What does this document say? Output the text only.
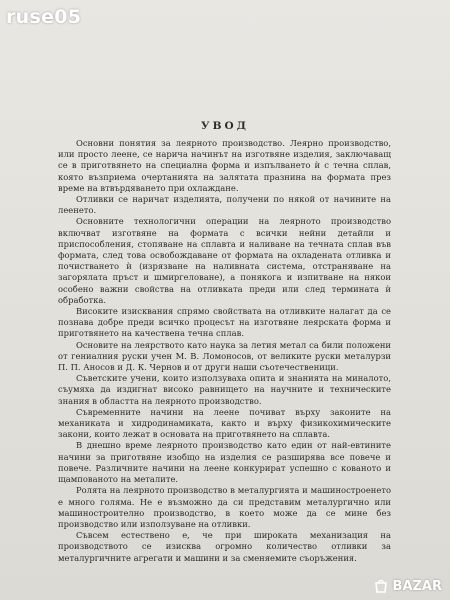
УВОД

Основни понятия за леярното производство. Леярно производство, или просто леене, се нарича начинът на изготвяне изделия, заключаващ се в приготвянето на специална форма и изпълването ѝ с течна сплав, която възприема очертанията на залятата празнина на формата през време на втвърдяването при охлаждане.

Отливки се наричат изделията, получени по някой от начините на леенето.

Основните технологични операции на леярното производство включват изготвяне на формата с всички нейни детайли и приспособления, стопяване на сплавта и наливане на течната сплав във формата, след това освобождаване от формата на охладената отливка и почистването ѝ (изрязване на наливната система, отстраняване на загорялата пръст и шмиргеловане), а понякога и изпитване на някои особено важни свойства на отливката преди или след термината ѝ обработка.

Високите изисквания спрямо свойствата на отливките налагат да се познава добре преди всичко процесът на изготвяне леярската форма и приготвянето на качествена течна сплав.

Основите на леярството като наука за летия метал са били положени от гениалния руски учен М. В. Ломоносов, от великите руски металурзи П. П. Аносов и Д. К. Чернов и от други наши съотечественици.

Съветските учени, които използуваха опита и знанията на миналото, съумяха да издигнат високо равнището на научните и техническите знания в областта на леярното производство.

Съвременните начини на леене почиват върху законите на механиката и хидродинамиката, както и върху физикохимическите закони, които лежат в основата на приготвянето на сплавта.

В днешно време леярното производство като един от най-евтините начини за приготвяне изобщо на изделия се разширява все повече и повече. Различните начини на леене конкурират успешно с кованото и щампованото на металите.

Ролята на леярното производство в металургията и машиностроенето е много голяма. Не е възможно да си представим металургично или машиностроително производство, в което може да се мине без производство или използуване на отливки.

Съвсем естествено е, че при широката механизация на производството се изисква огромно количество отливки за металургичните агрегати и машини и за сменяемите съоръжения.

ruse05
BAZAR
